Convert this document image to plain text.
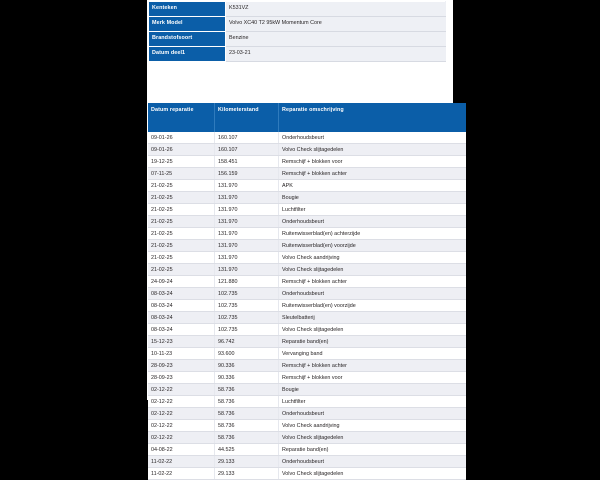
Kenteken	K531VZ
Merk Model	Volvo XC40 T2 95kW Momentum Core
Brandstofsoort	Benzine
Datum deel1	23-03-21
Datum reparatie	Kilometerstand	Reparatie omschrijving
09-01-26	160.107	Onderhoudsbeurt
09-01-26	160.107	Volvo Check slijtagedelen
19-12-25	158.451	Remschijf + blokken voor
07-11-25	156.159	Remschijf + blokken achter
21-02-25	131.970	APK
21-02-25	131.970	Bougie
21-02-25	131.970	Luchtfilter
21-02-25	131.970	Onderhoudsbeurt
21-02-25	131.970	Ruitenwisserblad(en) achterzijde
21-02-25	131.970	Ruitenwisserblad(en) voorzijde
21-02-25	131.970	Volvo Check aandrijving
21-02-25	131.970	Volvo Check slijtagedelen
24-09-24	121.880	Remschijf + blokken achter
08-03-24	102.735	Onderhoudsbeurt
08-03-24	102.735	Ruitenwisserblad(en) voorzijde
08-03-24	102.735	Sleutelbatterij
08-03-24	102.735	Volvo Check slijtagedelen
15-12-23	96.742	Reparatie band(en)
10-11-23	93.600	Vervanging band
28-09-23	90.336	Remschijf + blokken achter
28-09-23	90.336	Remschijf + blokken voor
02-12-22	58.736	Bougie
02-12-22	58.736	Luchtfilter
02-12-22	58.736	Onderhoudsbeurt
02-12-22	58.736	Volvo Check aandrijving
02-12-22	58.736	Volvo Check slijtagedelen
04-08-22	44.525	Reparatie band(en)
11-02-22	29.133	Onderhoudsbeurt
11-02-22	29.133	Volvo Check slijtagedelen
